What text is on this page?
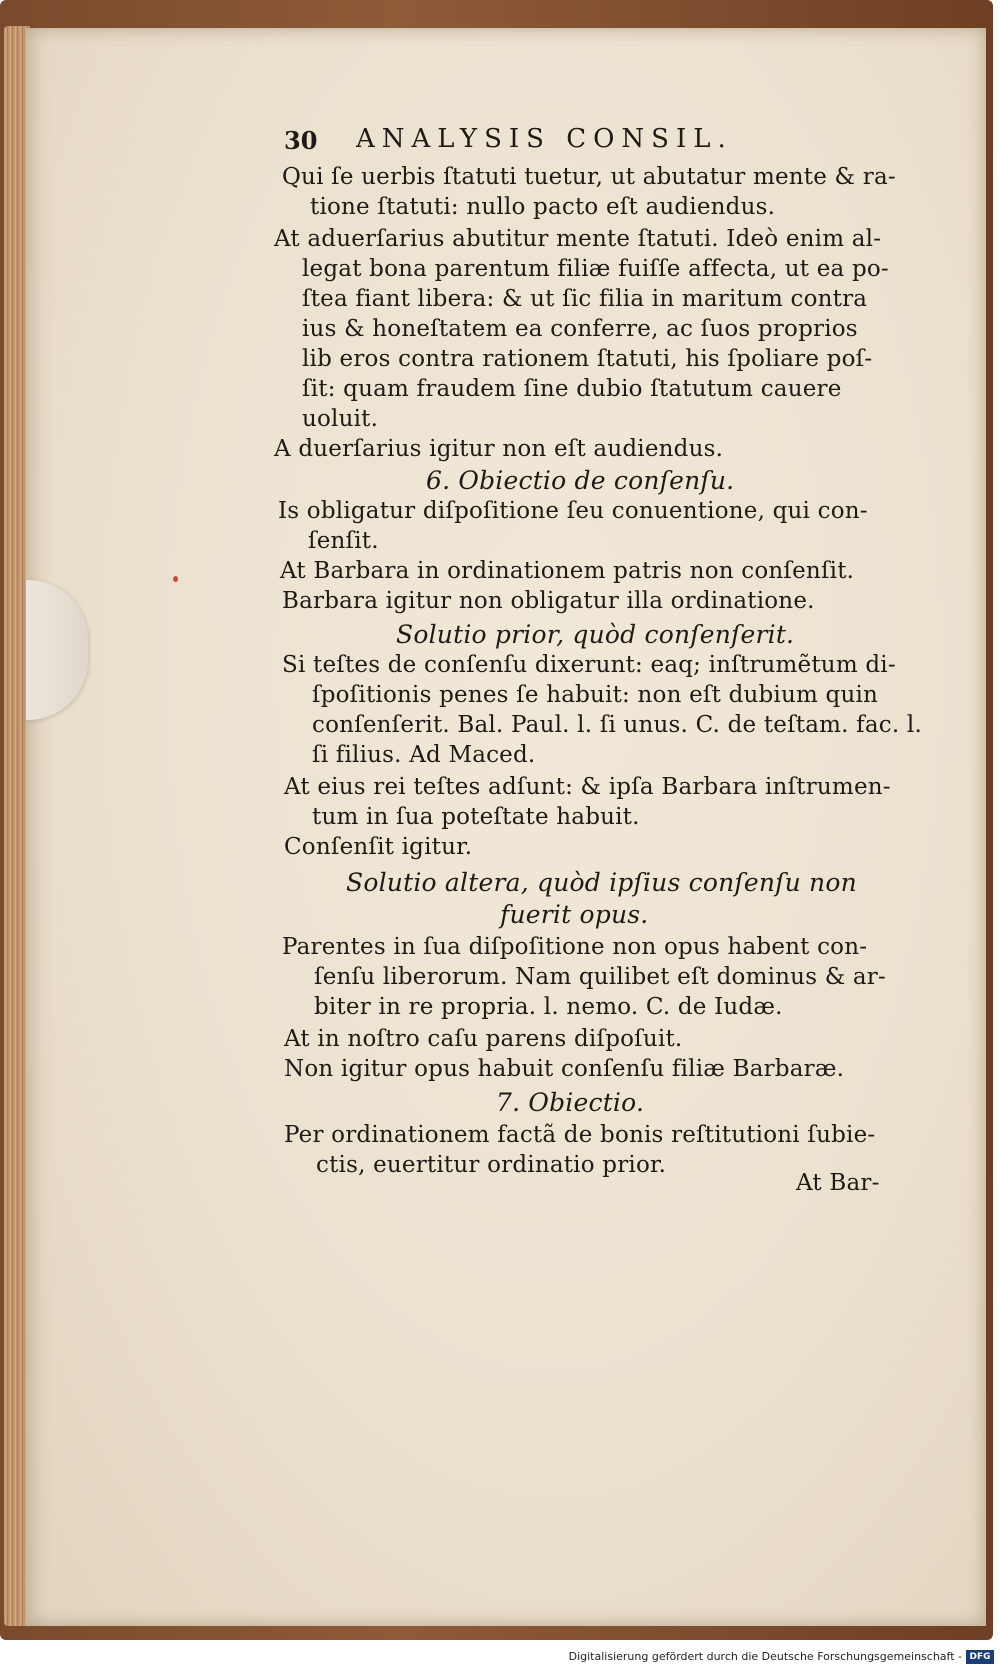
30 ANALYSIS CONSIL.
Qui ſe uerbis ſtatuti tuetur, ut abutatur mente & ra-
tione ſtatuti: nullo pacto eſt audiendus.
At aduerſarius abutitur mente ſtatuti. Ideò enim al-
legat bona parentum filiæ fuiſſe affecta, ut ea po-
ſtea fiant libera: & ut ſic filia in maritum contra
ius & honeſtatem ea conferre, ac ſuos proprios
lib eros contra rationem ſtatuti, his ſpoliare poſ-
ſit: quam fraudem ſine dubio ſtatutum cauere
uoluit.
A duerſarius igitur non eſt audiendus.
6. Obiectio de conſenſu.
Is obligatur diſpoſitione ſeu conuentione, qui con-
ſenſit.
At Barbara in ordinationem patris non conſenſit.
Barbara igitur non obligatur illa ordinatione.
Solutio prior, quòd conſenſerit.
Si teſtes de conſenſu dixerunt: eaq; inſtrumẽtum di-
ſpoſitionis penes ſe habuit: non eſt dubium quin
conſenſerit. Bal. Paul. l. ſi unus. C. de teſtam. fac. l.
ſi filius. Ad Maced.
At eius rei teſtes adſunt: & ipſa Barbara inſtrumen-
tum in ſua poteſtate habuit.
Conſenſit igitur.
Solutio altera, quòd ipſius conſenſu non
fuerit opus.
Parentes in ſua diſpoſitione non opus habent con-
ſenſu liberorum. Nam quilibet eſt dominus & ar-
biter in re propria. l. nemo. C. de Iudæ.
At in noſtro caſu parens diſpoſuit.
Non igitur opus habuit conſenſu filiæ Barbaræ.
7. Obiectio.
Per ordinationem factã de bonis reſtitutioni ſubie-
ctis, euertitur ordinatio prior.
At Bar-
Digitalisierung gefördert durch die Deutsche Forschungsgemeinschaft - DFG
